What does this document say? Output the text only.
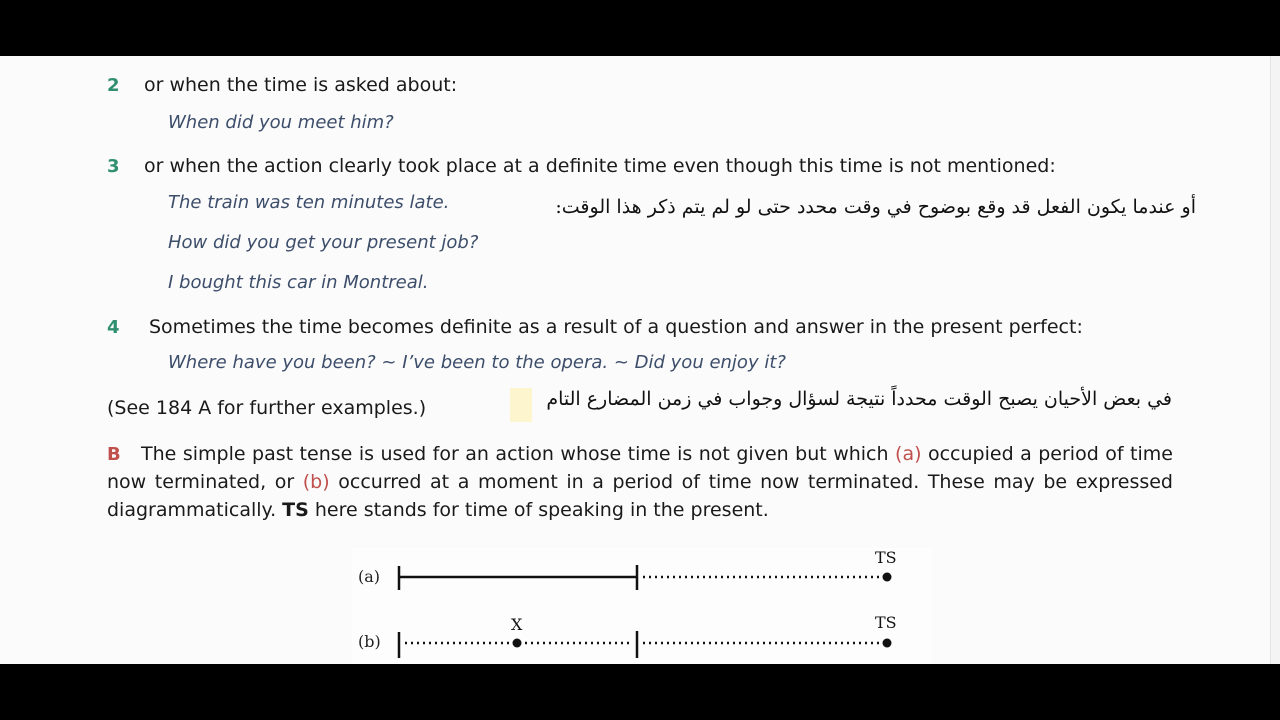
2 or when the time is asked about:
When did you meet him?
3 or when the action clearly took place at a definite time even though this time is not mentioned:
The train was ten minutes late.	أو عندما يكون الفعل قد وقع بوضوح في وقت محدد حتى لو لم يتم ذكر هذا الوقت:
How did you get your present job?
I bought this car in Montreal.
4 Sometimes the time becomes definite as a result of a question and answer in the present perfect:
Where have you been? ~ I’ve been to the opera. ~ Did you enjoy it?
في بعض الأحيان يصبح الوقت محدداً نتيجة لسؤال وجواب في زمن المضارع التام
(See 184 A for further examples.)
B	The simple past tense is used for an action whose time is not given but which (a) occupied a period of time now terminated, or (b) occurred at a moment in a period of time now terminated. These may be expressed diagrammatically. TS here stands for time of speaking in the present.
(a)
TS
(b)
X	TS
